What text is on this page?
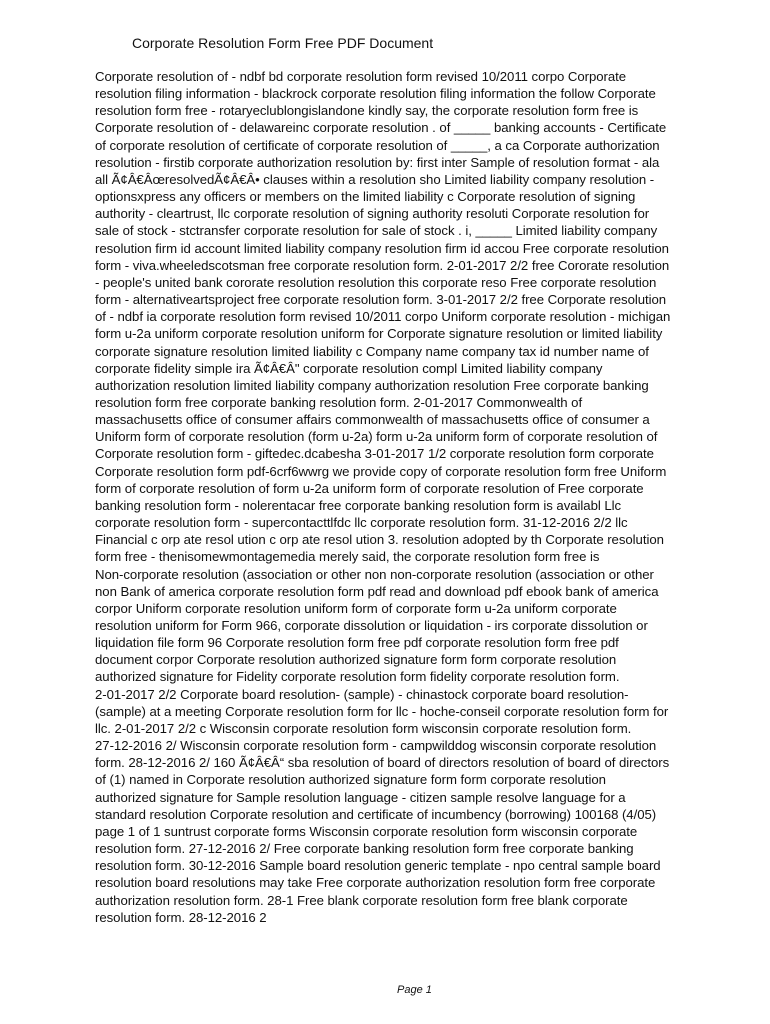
Corporate Resolution Form Free PDF Document
Corporate resolution of - ndbf bd corporate resolution form revised 10/2011 corpo Corporate
resolution filing information - blackrock corporate resolution filing information the follow Corporate
resolution form free - rotaryeclublongislandone kindly say, the corporate resolution form free is
Corporate resolution of - delawareinc corporate resolution . of _____ banking accounts - Certificate
of corporate resolution of certificate of corporate resolution of _____, a ca Corporate authorization
resolution - firstib corporate authorization resolution by: first inter Sample of resolution format - ala
all Ã¢Â€ÂœresolvedÃ¢Â€Â• clauses within a resolution sho Limited liability company resolution -
optionsxpress any officers or members on the limited liability c Corporate resolution of signing
authority - cleartrust, llc corporate resolution of signing authority resoluti Corporate resolution for
sale of stock - stctransfer corporate resolution for sale of stock . i, _____ Limited liability company
resolution firm id account limited liability company resolution firm id accou Free corporate resolution
form - viva.wheeledscotsman free corporate resolution form. 2-01-2017 2/2 free Cororate resolution
- people's united bank cororate resolution resolution this corporate reso Free corporate resolution
form - alternativeartsproject free corporate resolution form. 3-01-2017 2/2 free Corporate resolution
of - ndbf ia corporate resolution form revised 10/2011 corpo Uniform corporate resolution - michigan
form u-2a uniform corporate resolution uniform for Corporate signature resolution or limited liability
corporate signature resolution limited liability c Company name company tax id number name of
corporate fidelity simple ira Ã¢Â€Â" corporate resolution compl Limited liability company
authorization resolution limited liability company authorization resolution Free corporate banking
resolution form free corporate banking resolution form. 2-01-2017 Commonwealth of
massachusetts office of consumer affairs commonwealth of massachusetts office of consumer a
Uniform form of corporate resolution (form u-2a) form u-2a uniform form of corporate resolution of
Corporate resolution form - giftedec.dcabesha 3-01-2017 1/2 corporate resolution form corporate
Corporate resolution form pdf-6crf6wwrg we provide copy of corporate resolution form free Uniform
form of corporate resolution of form u-2a uniform form of corporate resolution of Free corporate
banking resolution form - nolerentacar free corporate banking resolution form is availabl Llc
corporate resolution form - supercontacttlfdc llc corporate resolution form. 31-12-2016 2/2 llc
Financial c orp ate resol ution c orp ate resol ution 3. resolution adopted by th Corporate resolution
form free - thenisomewmontagemedia merely said, the corporate resolution form free is
Non-corporate resolution (association or other non non-corporate resolution (association or other
non Bank of america corporate resolution form pdf read and download pdf ebook bank of america
corpor Uniform corporate resolution uniform form of corporate form u-2a uniform corporate
resolution uniform for Form 966, corporate dissolution or liquidation - irs corporate dissolution or
liquidation file form 96 Corporate resolution form free pdf corporate resolution form free pdf
document corpor Corporate resolution authorized signature form form corporate resolution
authorized signature for Fidelity corporate resolution form fidelity corporate resolution form.
2-01-2017 2/2 Corporate board resolution- (sample) - chinastock corporate board resolution-
(sample) at a meeting Corporate resolution form for llc - hoche-conseil corporate resolution form for
llc. 2-01-2017 2/2 c Wisconsin corporate resolution form wisconsin corporate resolution form.
27-12-2016 2/ Wisconsin corporate resolution form - campwilddog wisconsin corporate resolution
form. 28-12-2016 2/ 160 Ã¢Â€Â“ sba resolution of board of directors resolution of board of directors
of (1) named in Corporate resolution authorized signature form form corporate resolution
authorized signature for Sample resolution language - citizen sample resolve language for a
standard resolution Corporate resolution and certificate of incumbency (borrowing) 100168 (4/05)
page 1 of 1 suntrust corporate forms Wisconsin corporate resolution form wisconsin corporate
resolution form. 27-12-2016 2/ Free corporate banking resolution form free corporate banking
resolution form. 30-12-2016 Sample board resolution generic template - npo central sample board
resolution board resolutions may take Free corporate authorization resolution form free corporate
authorization resolution form. 28-1 Free blank corporate resolution form free blank corporate
resolution form. 28-12-2016 2
Page 1
